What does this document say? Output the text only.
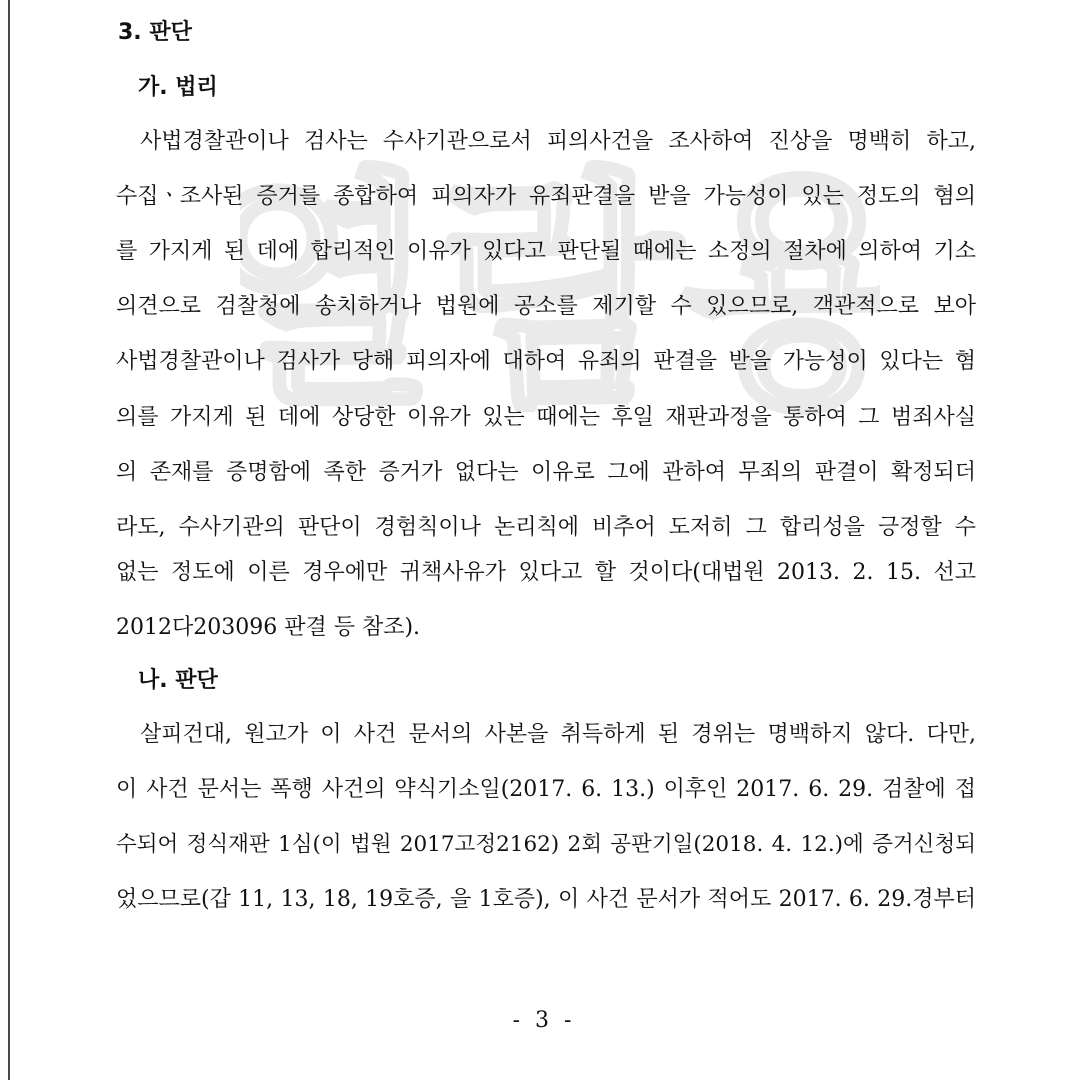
열람용
3. 판단
가. 법리
사법경찰관이나 검사는 수사기관으로서 피의사건을 조사하여 진상을 명백히 하고,
수집ㆍ조사된 증거를 종합하여 피의자가 유죄판결을 받을 가능성이 있는 정도의 혐의
를 가지게 된 데에 합리적인 이유가 있다고 판단될 때에는 소정의 절차에 의하여 기소
의견으로 검찰청에 송치하거나 법원에 공소를 제기할 수 있으므로, 객관적으로 보아
사법경찰관이나 검사가 당해 피의자에 대하여 유죄의 판결을 받을 가능성이 있다는 혐
의를 가지게 된 데에 상당한 이유가 있는 때에는 후일 재판과정을 통하여 그 범죄사실
의 존재를 증명함에 족한 증거가 없다는 이유로 그에 관하여 무죄의 판결이 확정되더
라도, 수사기관의 판단이 경험칙이나 논리칙에 비추어 도저히 그 합리성을 긍정할 수
없는 정도에 이른 경우에만 귀책사유가 있다고 할 것이다(대법원 2013. 2. 15. 선고
2012다203096 판결 등 참조).
나. 판단
살피건대, 원고가 이 사건 문서의 사본을 취득하게 된 경위는 명백하지 않다. 다만,
이 사건 문서는 폭행 사건의 약식기소일(2017. 6. 13.) 이후인 2017. 6. 29. 검찰에 접
수되어 정식재판 1심(이 법원 2017고정2162) 2회 공판기일(2018. 4. 12.)에 증거신청되
었으므로(갑 11, 13, 18, 19호증, 을 1호증), 이 사건 문서가 적어도 2017. 6. 29.경부터
- 3 -
